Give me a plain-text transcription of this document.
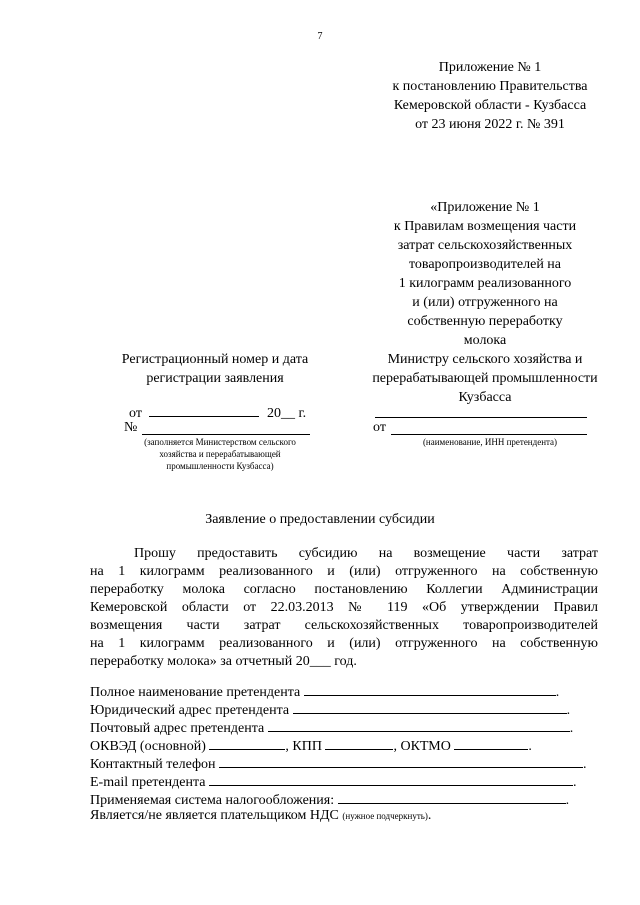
7
Приложение № 1
к постановлению Правительства
Кемеровской области - Кузбасса
от 23 июня 2022 г. № 391
«Приложение № 1
к Правилам возмещения части
затрат сельскохозяйственных
товаропроизводителей на
1 килограмм реализованного
и (или) отгруженного на
собственную переработку
молока
Регистрационный номер и дата
регистрации заявления
от	20__ г.
№
(заполняется Министерством сельского
хозяйства и перерабатывающей
промышленности Кузбасса)
Министру сельского хозяйства и
перерабатывающей промышленности
Кузбасса
от
(наименование, ИНН претендента)
Заявление о предоставлении субсидии
Прошу предоставить субсидию на возмещение части затрат
на 1 килограмм реализованного и (или) отгруженного на собственную
переработку молока согласно постановлению Коллегии Администрации
Кемеровской области от 22.03.2013 № 119 «Об утверждении Правил
возмещения части затрат сельскохозяйственных товаропроизводителей
на 1 килограмм реализованного и (или) отгруженного на собственную
переработку молока» за отчетный 20___ год.
Полное наименование претендента	.
Юридический адрес претендента	.
Почтовый адрес претендента	.
ОКВЭД (основной)	, КПП	, ОКТМО	.
Контактный телефон	.
E-mail претендента	.
Применяемая система налогообложения:	.
Является/не является плательщиком НДС (нужное подчеркнуть).
